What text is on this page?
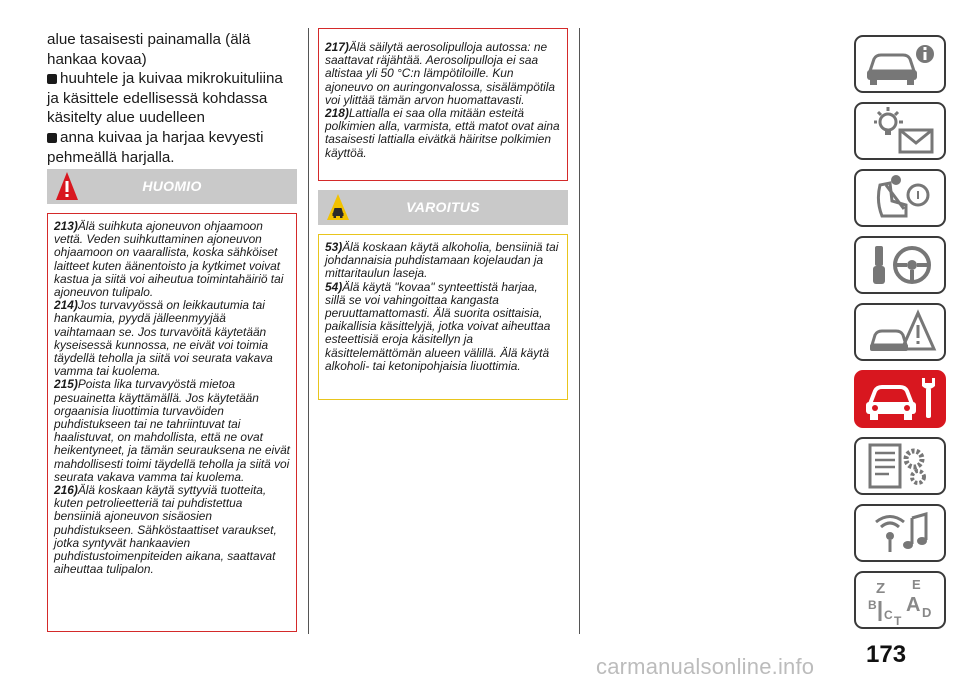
alue tasaisesti painamalla (älä hankaa kovaa)

huuhtele ja kuivaa mikrokuituliina ja käsittele edellisessä kohdassa käsitelty alue uudelleen

anna kuivaa ja harjaa kevyesti pehmeällä harjalla.

HUOMIO

213)Älä suihkuta ajoneuvon ohjaamoon vettä. Veden suihkuttaminen ajoneuvon ohjaamoon on vaarallista, koska sähköiset laitteet kuten äänentoisto ja kytkimet voivat kastua ja siitä voi aiheutua toimintahäiriö tai ajoneuvon tulipalo.

214)Jos turvavyössä on leikkautumia tai hankaumia, pyydä jälleenmyyjää vaihtamaan se. Jos turvavöitä käytetään kyseisessä kunnossa, ne eivät voi toimia täydellä teholla ja siitä voi seurata vakava vamma tai kuolema.

215)Poista lika turvavyöstä mietoa pesuainetta käyttämällä. Jos käytetään orgaanisia liuottimia turvavöiden puhdistukseen tai ne tahriintuvat tai haalistuvat, on mahdollista, että ne ovat heikentyneet, ja tämän seurauksena ne eivät mahdollisesti toimi täydellä teholla ja siitä voi seurata vakava vamma tai kuolema.

216)Älä koskaan käytä syttyviä tuotteita, kuten petrolieetteriä tai puhdistettua bensiiniä ajoneuvon sisäosien puhdistukseen. Sähköstaattiset varaukset, jotka syntyvät hankaavien puhdistustoimenpiteiden aikana, saattavat aiheuttaa tulipalon.

217)Älä säilytä aerosolipulloja autossa: ne saattavat räjähtää. Aerosolipulloja ei saa altistaa yli 50 °C:n lämpötiloille. Kun ajoneuvo on auringonvalossa, sisälämpötila voi ylittää tämän arvon huomattavasti.

218)Lattialla ei saa olla mitään esteitä polkimien alla, varmista, että matot ovat aina tasaisesti lattialla eivätkä häiritse polkimien käyttöä.

VAROITUS

53)Älä koskaan käytä alkoholia, bensiiniä tai johdannaisia puhdistamaan kojelaudan ja mittaritaulun laseja.

54)Älä käytä "kovaa" synteettistä harjaa, sillä se voi vahingoittaa kangasta peruuttamattomasti. Älä suorita osittaisia, paikallisia käsittelyjä, jotka voivat aiheuttaa esteettisiä eroja käsitellyn ja käsittelemättömän alueen välillä. Älä käytä alkoholi- tai ketonipohjaisia liuottimia.

Z E
B A
C D
T
173
carmanualsonline.info
